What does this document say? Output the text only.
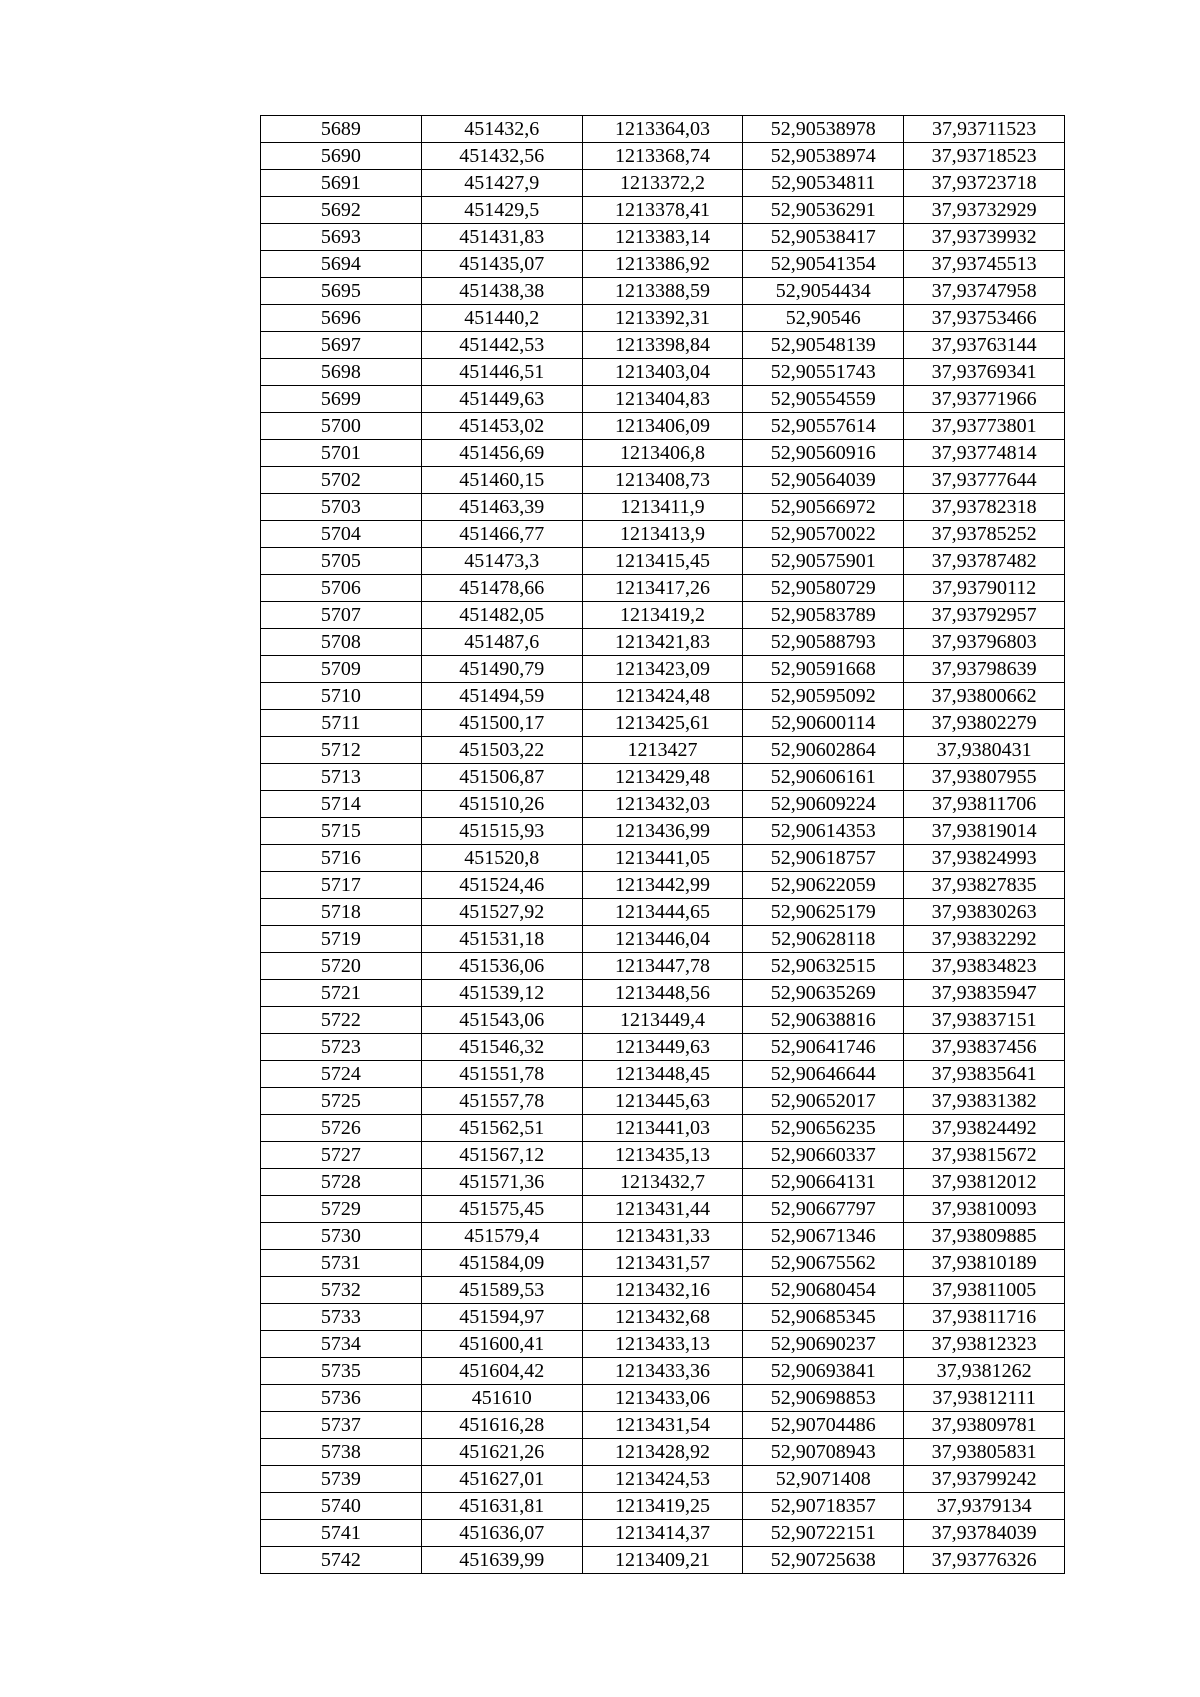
5689	451432,6	1213364,03	52,90538978	37,93711523
5690	451432,56	1213368,74	52,90538974	37,93718523
5691	451427,9	1213372,2	52,90534811	37,93723718
5692	451429,5	1213378,41	52,90536291	37,93732929
5693	451431,83	1213383,14	52,90538417	37,93739932
5694	451435,07	1213386,92	52,90541354	37,93745513
5695	451438,38	1213388,59	52,9054434	37,93747958
5696	451440,2	1213392,31	52,90546	37,93753466
5697	451442,53	1213398,84	52,90548139	37,93763144
5698	451446,51	1213403,04	52,90551743	37,93769341
5699	451449,63	1213404,83	52,90554559	37,93771966
5700	451453,02	1213406,09	52,90557614	37,93773801
5701	451456,69	1213406,8	52,90560916	37,93774814
5702	451460,15	1213408,73	52,90564039	37,93777644
5703	451463,39	1213411,9	52,90566972	37,93782318
5704	451466,77	1213413,9	52,90570022	37,93785252
5705	451473,3	1213415,45	52,90575901	37,93787482
5706	451478,66	1213417,26	52,90580729	37,93790112
5707	451482,05	1213419,2	52,90583789	37,93792957
5708	451487,6	1213421,83	52,90588793	37,93796803
5709	451490,79	1213423,09	52,90591668	37,93798639
5710	451494,59	1213424,48	52,90595092	37,93800662
5711	451500,17	1213425,61	52,90600114	37,93802279
5712	451503,22	1213427	52,90602864	37,9380431
5713	451506,87	1213429,48	52,90606161	37,93807955
5714	451510,26	1213432,03	52,90609224	37,93811706
5715	451515,93	1213436,99	52,90614353	37,93819014
5716	451520,8	1213441,05	52,90618757	37,93824993
5717	451524,46	1213442,99	52,90622059	37,93827835
5718	451527,92	1213444,65	52,90625179	37,93830263
5719	451531,18	1213446,04	52,90628118	37,93832292
5720	451536,06	1213447,78	52,90632515	37,93834823
5721	451539,12	1213448,56	52,90635269	37,93835947
5722	451543,06	1213449,4	52,90638816	37,93837151
5723	451546,32	1213449,63	52,90641746	37,93837456
5724	451551,78	1213448,45	52,90646644	37,93835641
5725	451557,78	1213445,63	52,90652017	37,93831382
5726	451562,51	1213441,03	52,90656235	37,93824492
5727	451567,12	1213435,13	52,90660337	37,93815672
5728	451571,36	1213432,7	52,90664131	37,93812012
5729	451575,45	1213431,44	52,90667797	37,93810093
5730	451579,4	1213431,33	52,90671346	37,93809885
5731	451584,09	1213431,57	52,90675562	37,93810189
5732	451589,53	1213432,16	52,90680454	37,93811005
5733	451594,97	1213432,68	52,90685345	37,93811716
5734	451600,41	1213433,13	52,90690237	37,93812323
5735	451604,42	1213433,36	52,90693841	37,9381262
5736	451610	1213433,06	52,90698853	37,93812111
5737	451616,28	1213431,54	52,90704486	37,93809781
5738	451621,26	1213428,92	52,90708943	37,93805831
5739	451627,01	1213424,53	52,9071408	37,93799242
5740	451631,81	1213419,25	52,90718357	37,9379134
5741	451636,07	1213414,37	52,90722151	37,93784039
5742	451639,99	1213409,21	52,90725638	37,93776326
